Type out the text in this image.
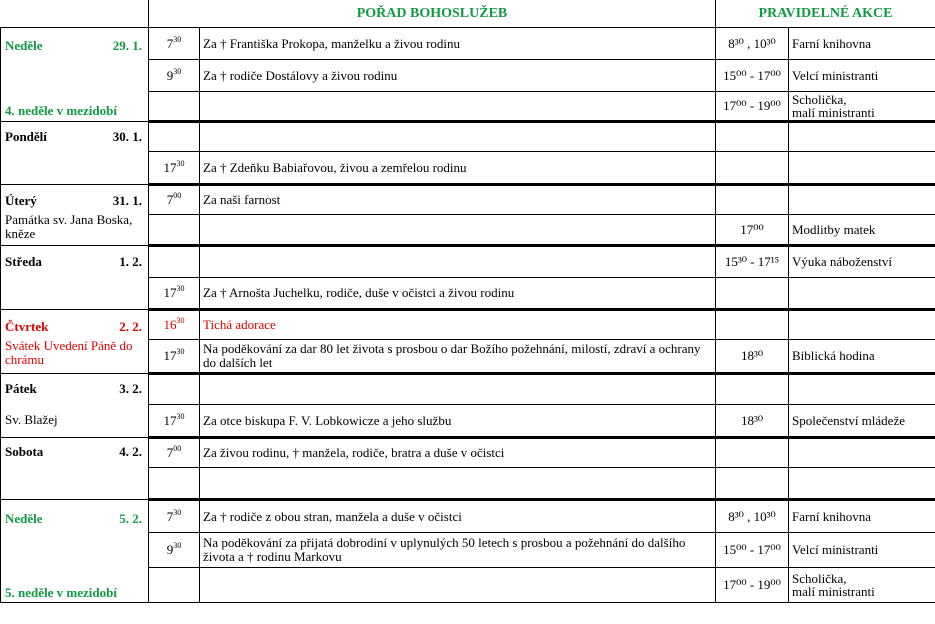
	POŘAD BOHOSLUŽEB		PRAVIDELNÉ AKCE	

Neděle 29. 1.
4. neděle v mezidobí	$7^{30}$	Za † Františka Prokopa, manželku a živou rodinu	8³⁰ , 10³⁰	Farní knihovna
	$9^{30}$	Za † rodiče Dostálovy a živou rodinu	15⁰⁰ - 17⁰⁰	Velcí ministranti
			17⁰⁰ - 19⁰⁰	Scholička,
malí ministranti

Pondělí 30. 1.				

	$17^{30}$	Za † Zdeňku Babiařovou, živou a zemřelou rodinu		

Úterý 31. 1.
Památka sv. Jana Boska, kněze	$7^{00}$	Za naši farnost		
			17⁰⁰	Modlitby matek

Středa 1. 2.			15³⁰ - 17¹⁵	Výuka náboženství
	$17^{30}$	Za † Arnošta Juchelku, rodiče, duše v očistci a živou rodinu		

Čtvrtek 2. 2.
Svátek Uvedení Páně do chrámu	$16^{30}$	Tichá adorace		
	$17^{30}$	Na poděkování za dar 80 let života s prosbou o dar Božího požehnání, milostí, zdraví a ochrany do dalších let	18³⁰	Biblická hodina

Pátek 3. 2.
Sv. Blažej				

	$17^{30}$	Za otce biskupa F. V. Lobkowicze a jeho službu	18³⁰	Společenství mládeže

Sobota 4. 2.	$7^{00}$	Za živou rodinu, † manžela, rodiče, bratra a duše v očistci		

Neděle 5. 2.
5. neděle v mezidobí	$7^{30}$	Za † rodiče z obou stran, manžela a duše v očistci	8³⁰ , 10³⁰	Farní knihovna
	$9^{30}$	Na poděkování za přijatá dobrodiní v uplynulých 50 letech s prosbou a požehnání do dalšího života a † rodinu Markovu	15⁰⁰ - 17⁰⁰	Velcí ministranti
			17⁰⁰ - 19⁰⁰	Scholička,
malí ministranti
